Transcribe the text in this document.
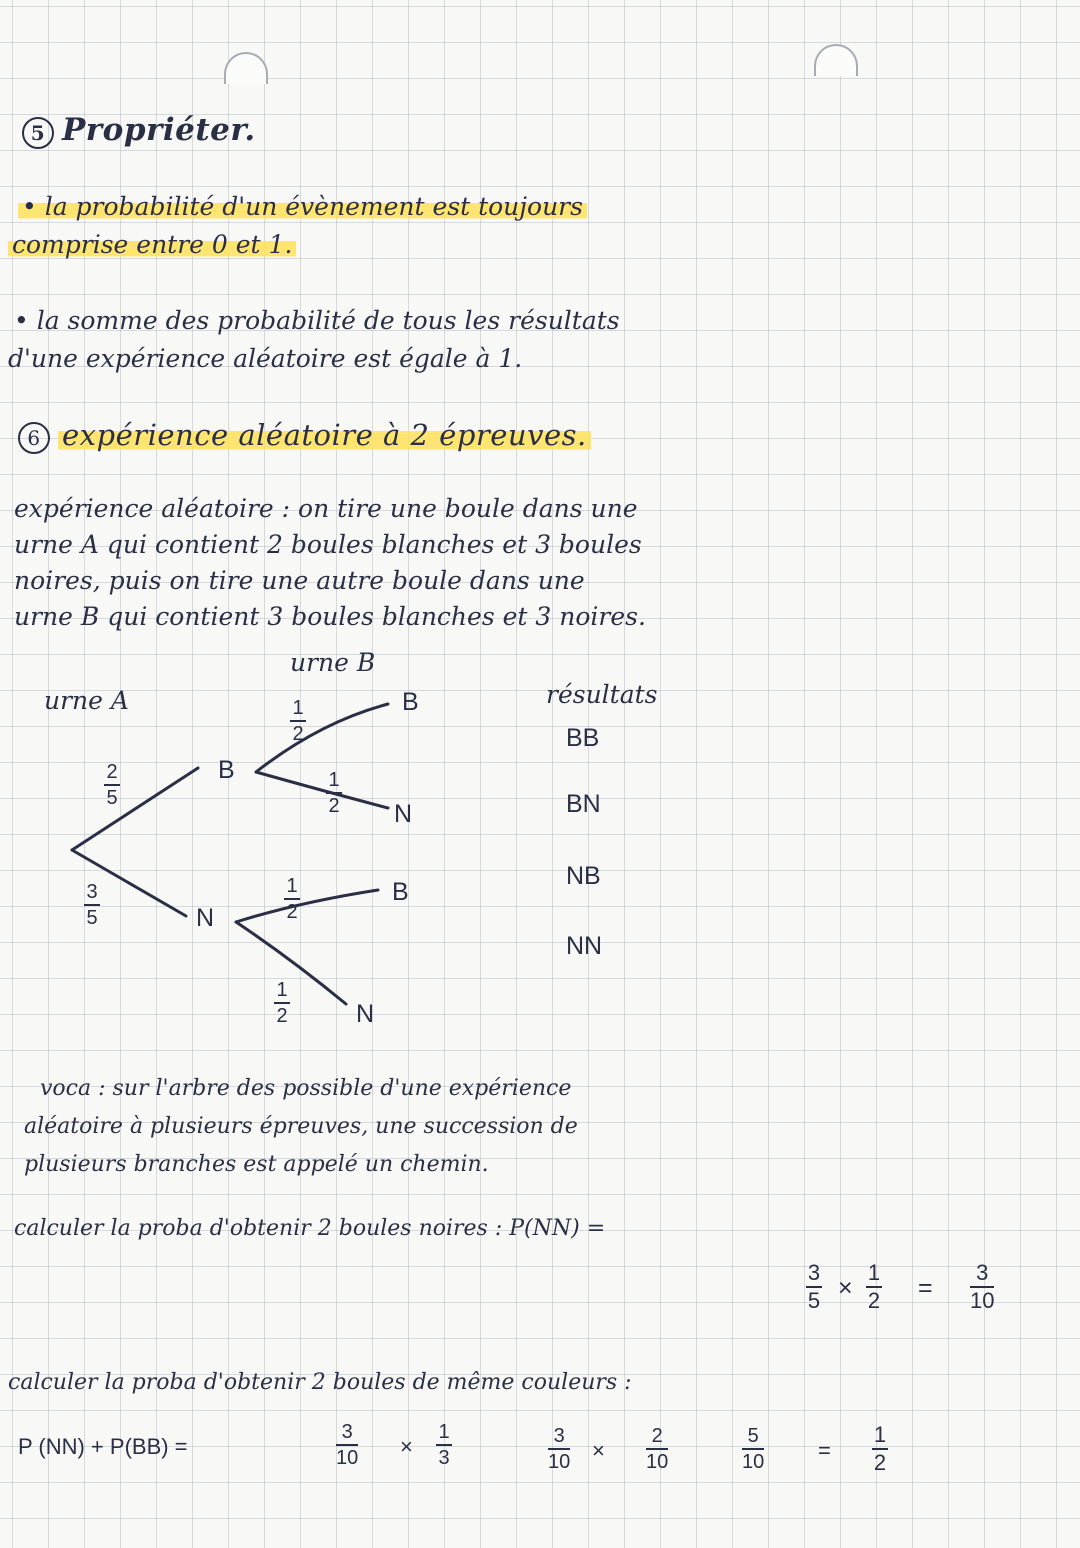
5 Propriéter.
• la probabilité d'un évènement est toujours
comprise entre 0 et 1.
• la somme des probabilité de tous les résultats
d'une expérience aléatoire est égale à 1.
6 expérience aléatoire à 2 épreuves.
expérience aléatoire : on tire une boule dans une
urne A qui contient 2 boules blanches et 3 boules
noires, puis on tire une autre boule dans une
urne B qui contient 3 boules blanches et 3 noires.
urne B
urne A	résultats
B
N
B
N
B
N
BB
BN
NB
NN
2
5
3
5
1
2
1
2
1
2
1
2
voca : sur l'arbre des possible d'une expérience
aléatoire à plusieurs épreuves, une succession de
plusieurs branches est appelé un chemin.
calculer la proba d'obtenir 2 boules noires : P(NN) =
3
5 ×
1
2 =
3
10
calculer la proba d'obtenir 2 boules de même couleurs :
P (NN) + P(BB) =
3
10 ×
1
3
3
10 ×
2
10
5
10 =
1
2
